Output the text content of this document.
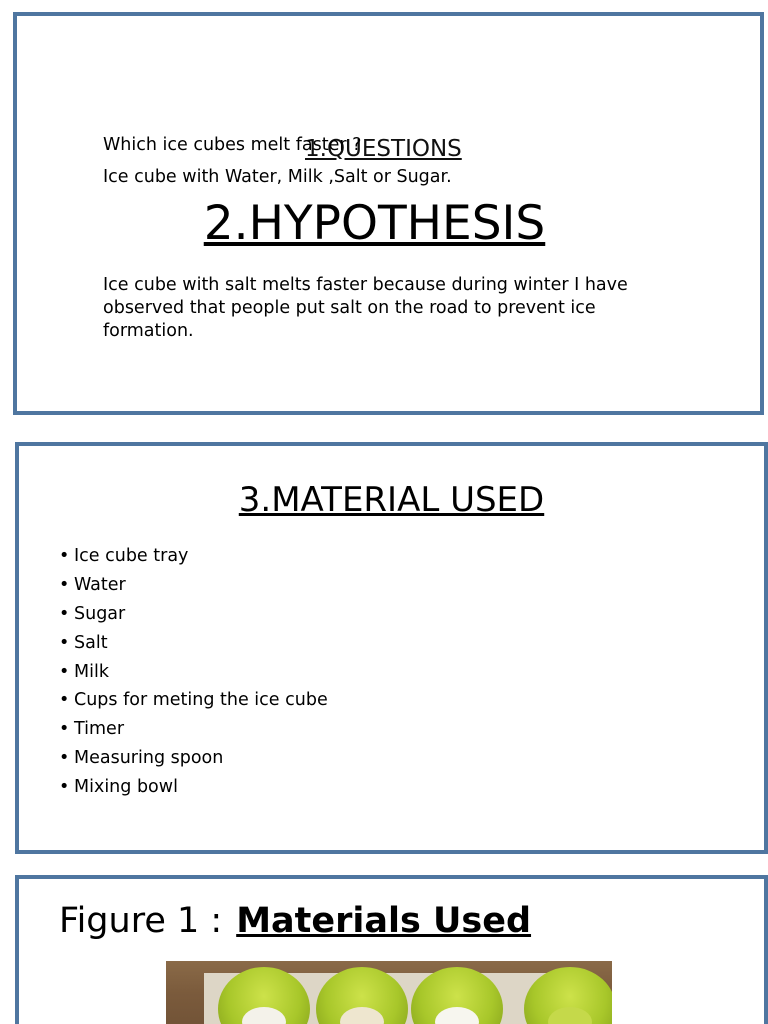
1.QUESTIONS
Which ice cubes melt faster ?
Ice cube with Water, Milk ,Salt or Sugar.
2.HYPOTHESIS
Ice cube with salt melts faster because during winter I have observed that people put salt on the road to prevent ice formation.
3.MATERIAL USED
• Ice cube tray
• Water
• Sugar
• Salt
• Milk
• Cups for meting the ice cube
• Timer
• Measuring spoon
• Mixing bowl
Figure 1 : Materials Used
